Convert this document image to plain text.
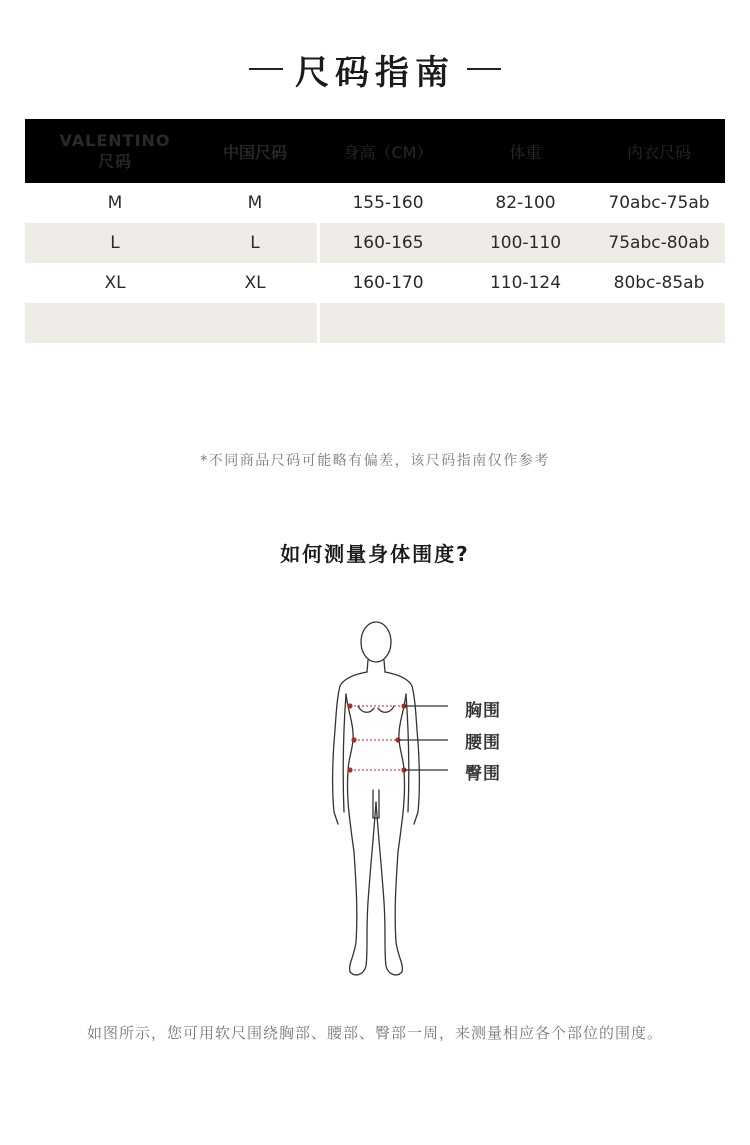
尺码指南
VALENTINO
尺码	中国尺码	身高（CM）	体重	内衣尺码
M	M	155-160	82-100	70abc-75ab
L	L	160-165	100-110	75abc-80ab
XL	XL	160-170	110-124	80bc-85ab
*不同商品尺码可能略有偏差，该尺码指南仅作参考
如何测量身体围度?
胸围
腰围
臀围
如图所示，您可用软尺围绕胸部、腰部、臀部一周，来测量相应各个部位的围度。
